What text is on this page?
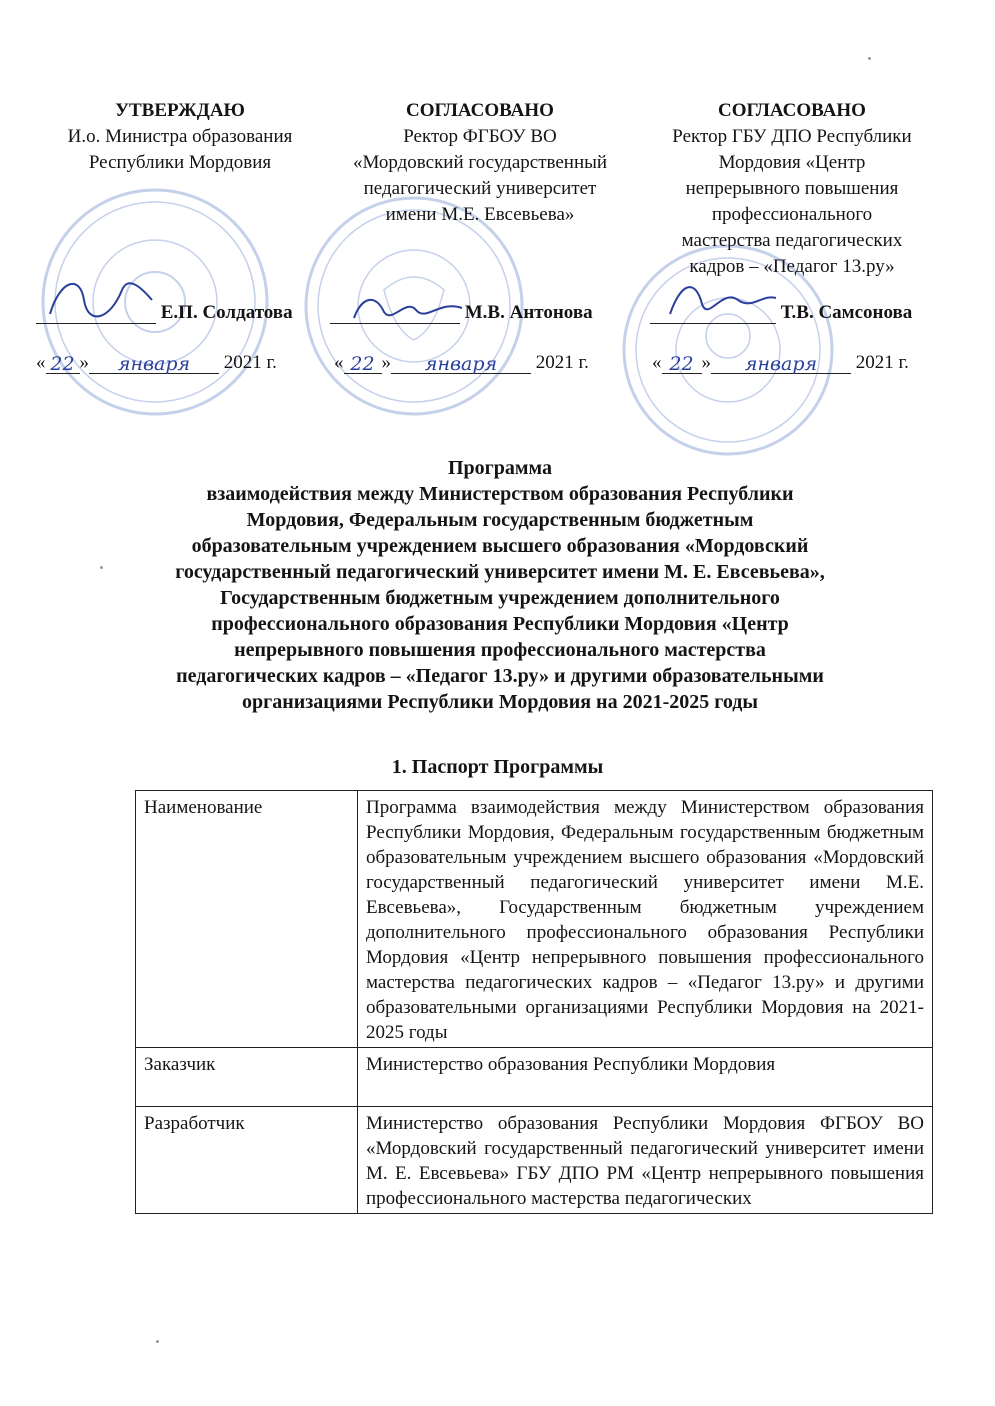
УТВЕРЖДАЮ
И.о. Министра образования
Республики Мордовия
Е.П. Солдатова
« 22 » января 2021 г.
СОГЛАСОВАНО
Ректор ФГБОУ ВО
«Мордовский государственный
педагогический университет
имени М.Е. Евсевьева»
М.В. Антонова
« 22 » января 2021 г.
СОГЛАСОВАНО
Ректор ГБУ ДПО Республики
Мордовия «Центр
непрерывного повышения
профессионального
мастерства педагогических
кадров – «Педагог 13.ру»
Т.В. Самсонова
« 22 » января 2021 г.
Программа
взаимодействия между Министерством образования Республики
Мордовия, Федеральным государственным бюджетным
образовательным учреждением высшего образования «Мордовский
государственный педагогический университет имени М. Е. Евсевьева»,
Государственным бюджетным учреждением дополнительного
профессионального образования Республики Мордовия «Центр
непрерывного повышения профессионального мастерства
педагогических кадров – «Педагог 13.ру» и другими образовательными
организациями Республики Мордовия на 2021-2025 годы
1. Паспорт Программы
Наименование	Программа взаимодействия между Министерством образования Республики Мордовия, Федеральным государственным бюджетным образовательным учреждением высшего образования «Мордовский государственный педагогический университет имени М.Е. Евсевьева», Государственным бюджетным учреждением дополнительного профессионального образования Республики Мордовия «Центр непрерывного повышения профессионального мастерства педагогических кадров – «Педагог 13.ру» и другими образовательными организациями Республики Мордовия на 2021-2025 годы
Заказчик	Министерство образования Республики Мордовия
Разработчик	Министерство образования Республики Мордовия ФГБОУ ВО «Мордовский государственный педагогический университет имени М. Е. Евсевьева» ГБУ ДПО РМ «Центр непрерывного повышения профессионального мастерства педагогических
